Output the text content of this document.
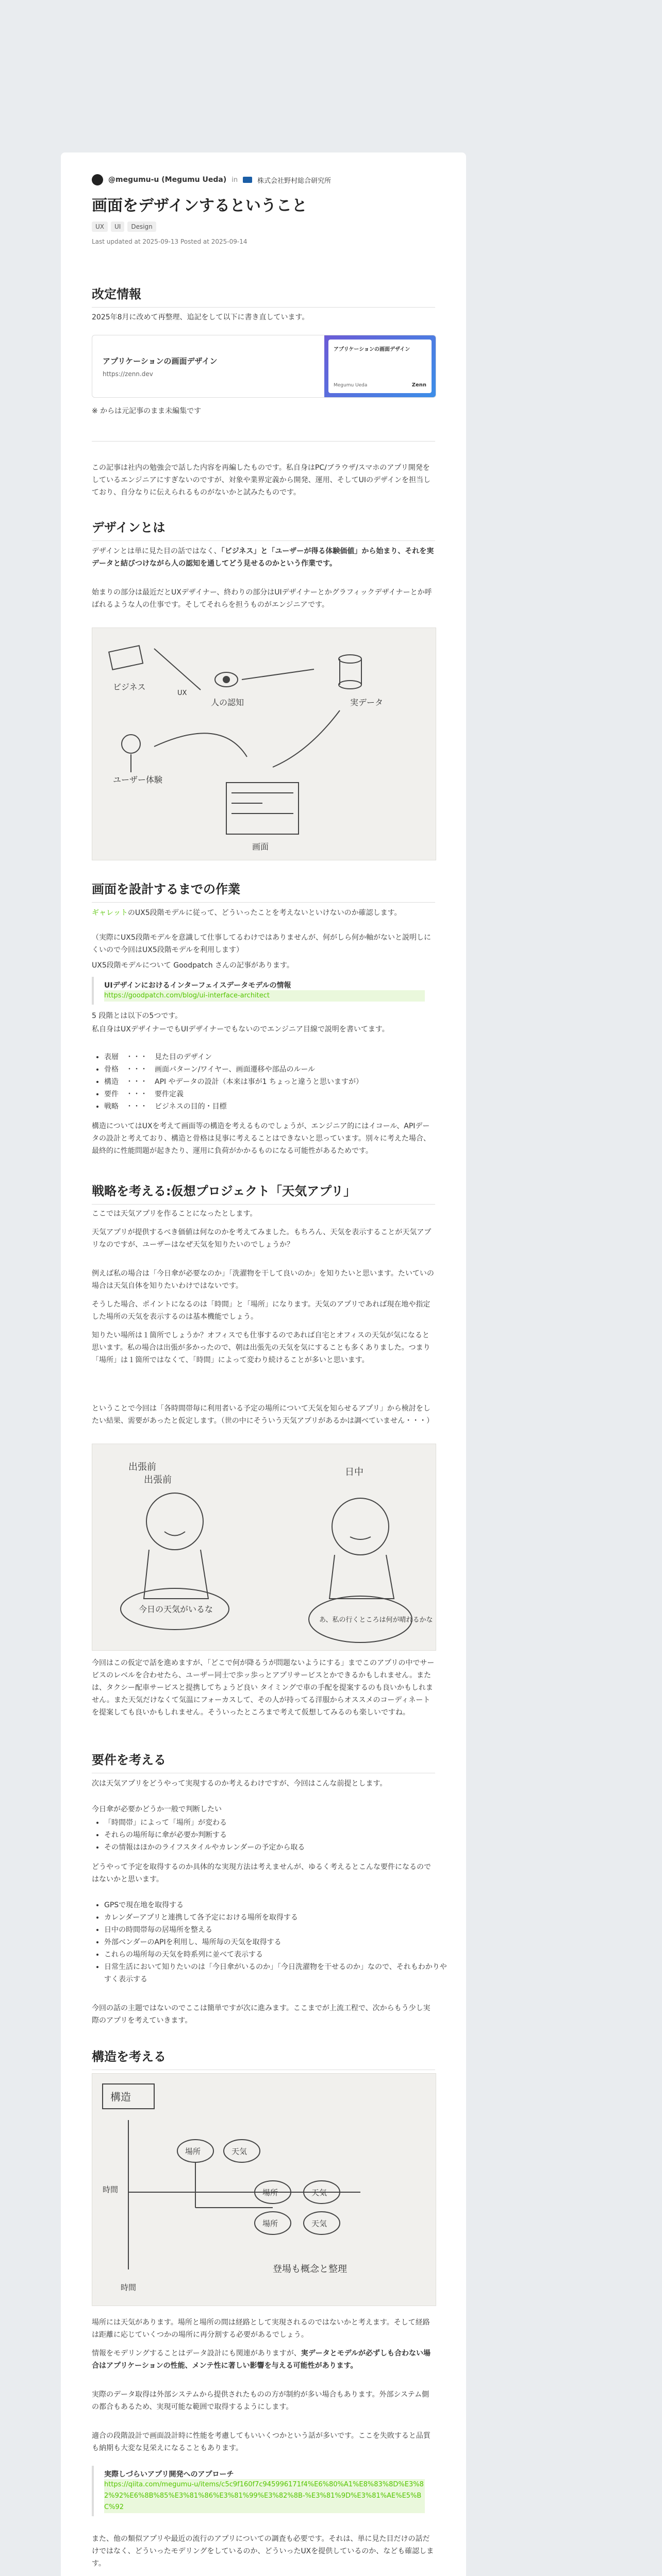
@megumu-u (Megumu Ueda) in	株式会社野村総合研究所
画面をデザインするということ
UX	UI	Design
Last updated at 2025-09-13 Posted at 2025-09-14
改定情報

2025年8月に改めて再整理、追記をして以下に書き直しています。

アプリケーションの画面デザイン
https://zenn.dev
アプリケーションの画面デザイン
Megumu Ueda	Zenn

※ からは元記事のまま未編集です

この記事は社内の勉強会で話した内容を再編したものです。私自身はPC/ブラウザ/スマホのアプリ開発をしているエンジニアにすぎないのですが、対象や業界定義から開発、運用、そしてUIのデザインを担当しており、自分なりに伝えられるものがないかと試みたものです。

デザインとは

デザインとは単に見た目の話ではなく、「ビジネス」と「ユーザーが得る体験価値」から始まり、それを実データと結びつけながら人の認知を通してどう見せるのかという作業です。

始まりの部分は最近だとUXデザイナー、終わりの部分はUIデザイナーとかグラフィックデザイナーとか呼ばれるような人の仕事です。そしてそれらを担うものがエンジニアです。

ビジネス
UX
ユーザー体験
人の認知	実データ
画面
画面を設計するまでの作業

ギャレットのUX5段階モデルに従って、どういったことを考えないといけないのか確認します。

（実際にUX5段階モデルを意識して仕事してるわけではありませんが、何がしら何か軸がないと説明しにくいので今回はUX5段階モデルを利用します）

UX5段階モデルについて Goodpatch さんの記事があります。

UIデザインにおけるインターフェイスデータモデルの情報
https://goodpatch.com/blog/ui-interface-architect

5 段階とは以下の5つです。

私自身はUXデザイナーでもUIデザイナーでもないのでエンジニア目線で説明を書いてます。

• 表層　・・・　見た目のデザイン
• 骨格　・・・　画面パターン/ワイヤー、画面遷移や部品のルール
• 構造　・・・　API やデータの設計（本来は事が1 ちょっと違うと思いますが）
• 要件　・・・　要件定義
• 戦略　・・・　ビジネスの目的・目標

構造についてはUXを考えて画面等の構造を考えるものでしょうが、エンジニア的にはイコール、APIデータの設計と考えており、構造と骨格は見事に考えることはできないと思っています。別々に考えた場合、最終的に性能問題が起きたり、運用に負荷がかかるものになる可能性があるためです。

戦略を考える:仮想プロジェクト「天気アプリ」

ここでは天気アプリを作ることになったとします。

天気アプリが提供するべき価値は何なのかを考えてみました。もちろん、天気を表示することが天気アプリなのですが、ユーザーはなぜ天気を知りたいのでしょうか？

例えば私の場合は「今日傘が必要なのか」「洗濯物を干して良いのか」を知りたいと思います。たいていの場合は天気自体を知りたいわけではないです。

そうした場合、ポイントになるのは「時間」と「場所」になります。天気のアプリであれば現在地や指定した場所の天気を表示するのは基本機能でしょう。

知りたい場所は１箇所でしょうか？オフィスでも仕事するのであれば自宅とオフィスの天気が気になると思います。私の場合は出張が多かったので、朝は出張先の天気を気にすることも多くありました。つまり「場所」は１箇所ではなくて、「時間」によって変わり続けることが多いと思います。

ということで今回は「各時間帯毎に利用者いる予定の場所について天気を知らせるアプリ」から検討をしたい結果、需要があったと仮定します。（世の中にそういう天気アプリがあるかは調べていません・・・）

出張前
出張前
今日の天気がいるな
日中
あ、私の行くところは何が晴れるかな

今回はこの仮定で話を進めますが、「どこで何が降るうが問題ないようにする」までこのアプリの中でサービスのレベルを合わせたら、ユーザー同士で歩ッ歩っとアプリサービスとかできるかもしれません。または、タクシー配車サービスと提携してちょうど良い タイミングで車の手配を提案するのも良いかもしれません。また天気だけなくて気温にフォーカスして、その人が持ってる洋服からオススメのコーディネートを提案しても良いかもしれません。そういったところまで考えて仮想してみるのも楽しいですね。

要件を考える

次は天気アプリをどうやって実現するのか考えるわけですが、今回はこんな前提とします。

今日傘が必要かどうか一般で判断したい

• 「時間帯」によって「場所」が変わる
• それらの場所毎に傘が必要か判断する
• その情報はほかのライフスタイルやカレンダーの予定から取る

どうやって予定を取得するのか具体的な実現方法は考えませんが、ゆるく考えるとこんな要件になるのではないかと思います。

• GPSで現在地を取得する
• カレンダーアプリと連携して各予定における場所を取得する
• 日中の時間帯毎の居場所を整える
• 外部ベンダーのAPIを利用し、場所毎の天気を取得する
• これらの場所毎の天気を時系列に並べて表示する
• 日常生活において知りたいのは「今日傘がいるのか」「今日洗濯物を干せるのか」なので、それもわかりやすく表示する

今回の話の主題ではないのでここは簡単ですが次に進みます。ここまでが上流工程で、次からもう少し実際のアプリを考えていきます。

構造を考える
構造
場所	天気
場所	天気
場所	天気
時間
時間
登場も概念と整理

場所には天気があります。場所と場所の間は経路として実現されるのではないかと考えます。そして経路は距離に応じていくつかの場所に再分割する必要があるでしょう。

情報をモデリングすることはデータ設計にも関連がありますが、実データとモデルが必ずしも合わない場合はアプリケーションの性能、メンテ性に著しい影響を与える可能性があります。

実際のデータ取得は外部システムから提供されたものの方が制約が多い場合もあります。外部システム側の都合もあるため、実現可能な範囲で取得するようにします。

適合の段階設計で画面設計時に性能を考慮してもいいくつかという話が多いです。ここを失敗すると品質も納期も大変な見栄えになることもあります。

実際しづらいアプリ開発へのアプローチ
https://qiita.com/megumu-u/items/c5c9f160f7c945996171f4%E6%80%A1%E8%83%8D%E3%82%92%E6%8B%85%E3%81%86%E3%81%99%E3%82%8B-%E3%81%9D%E3%81%AE%E5%BC%92

また、他の類似アプリや最近の流行のアプリについての調査も必要です。それは、単に見た目だけの話だけではなく、どういったモデリングをしているのか、どういったUXを提供しているのか、なども確認します。
